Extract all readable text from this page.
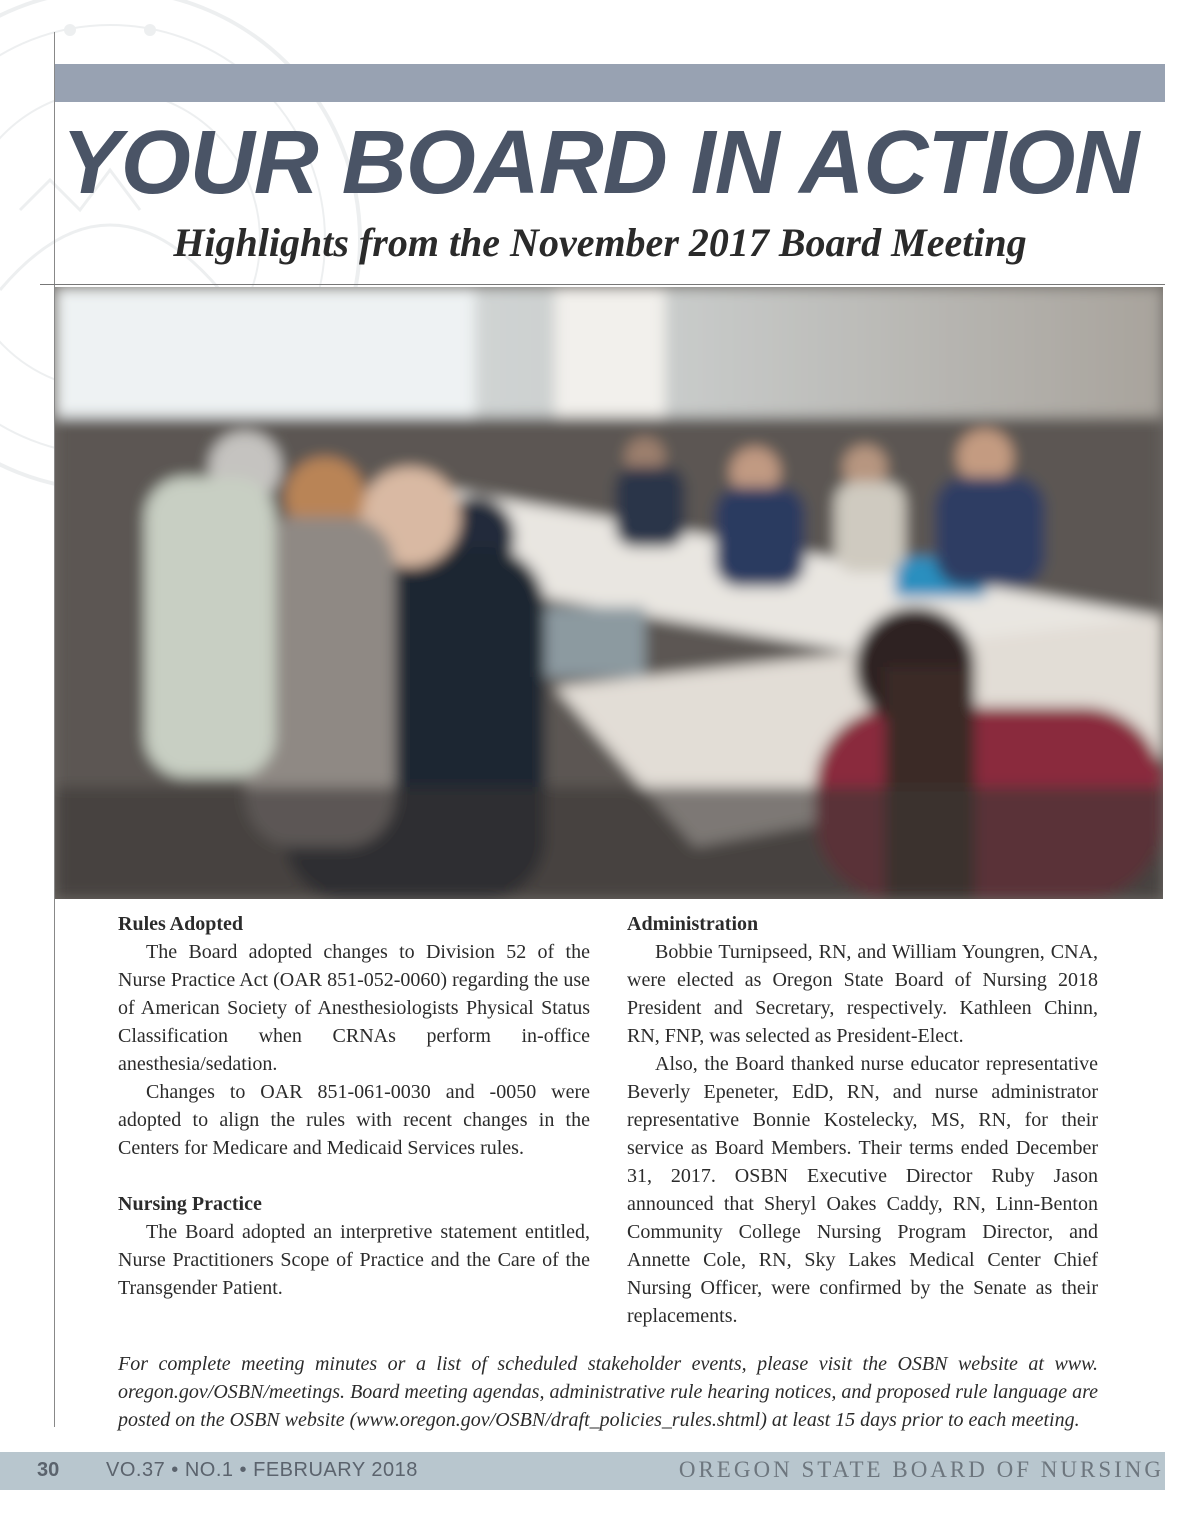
YOUR BOARD IN ACTION
Highlights from the November 2017 Board Meeting
Rules Adopted

The Board adopted changes to Division 52 of the Nurse Practice Act (OAR 851-052-0060) regarding the use of American Society of Anesthesiologists Physical Status Classification when CRNAs perform in-office anesthesia/sedation.

Changes to OAR 851-061-0030 and -0050 were adopted to align the rules with recent changes in the Centers for Medicare and Medicaid Services rules.

Nursing Practice

The Board adopted an interpretive statement entitled, Nurse Practitioners Scope of Practice and the Care of the Transgender Patient.

Administration

Bobbie Turnipseed, RN, and William Youngren, CNA, were elected as Oregon State Board of Nursing 2018 President and Secretary, respectively. Kathleen Chinn, RN, FNP, was selected as President-Elect.

Also, the Board thanked nurse educator representative Beverly Epeneter, EdD, RN, and nurse administrator representative Bonnie Kostelecky, MS, RN, for their service as Board Members. Their terms ended December 31, 2017. OSBN Executive Director Ruby Jason announced that Sheryl Oakes Caddy, RN, Linn-Benton Community College Nursing Program Director, and Annette Cole, RN, Sky Lakes Medical Center Chief Nursing Officer, were confirmed by the Senate as their replacements.

For complete meeting minutes or a list of scheduled stakeholder events, please visit the OSBN website at www. oregon.gov/OSBN/meetings. Board meeting agendas, administrative rule hearing notices, and proposed rule language are posted on the OSBN website (www.oregon.gov/OSBN/draft_policies_rules.shtml) at least 15 days prior to each meeting.
30 VO.37 • NO.1 • FEBRUARY 2018	OREGON STATE BOARD OF NURSING
